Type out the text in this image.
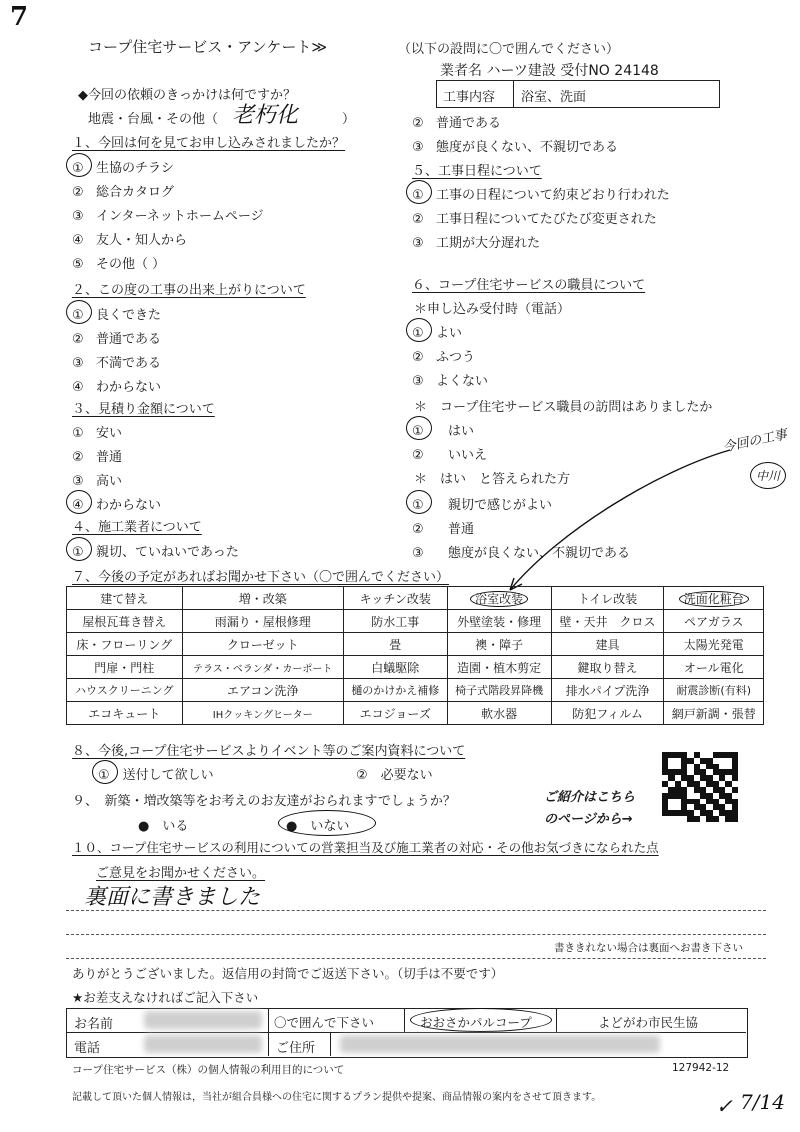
7
コープ住宅サービス・アンケート≫	（以下の設問に〇で囲んでください）
業者名 ハーツ建設 受付NO 24148
工事内容 浴室、洗面
◆今回の依頼のきっかけは何ですか？
地震・台風・その他（ 老朽化	）
１、今回は何を見てお申し込みされましたか？
① 生協のチラシ
② 総合カタログ
③ インターネットホームページ
④ 友人・知人から
⑤ その他（ ）
２、この度の工事の出来上がりについて
① 良くできた
② 普通である
③ 不満である
④ わからない
３、見積り金額について
① 安い
② 普通
③ 高い
④ わからない
４、施工業者について
① 親切、ていねいであった
② 普通である
③ 態度が良くない、不親切である
５、工事日程について
① 工事の日程について約束どおり行われた
② 工事日程についてたびたび変更された
③ 工期が大分遅れた
６、コープ住宅サービスの職員について
＊申し込み受付時（電話）
① よい
② ふつう
③ よくない
＊　コープ住宅サービス職員の訪問はありましたか
① はい
② いいえ
＊　はい　と答えられた方
① 親切で感じがよい
② 普通
③ 態度が良くない、不親切である
今回の工事
中川
７、今後の予定があればお聞かせ下さい（〇で囲んでください）
建て替え	増・改築	キッチン改装	浴室改装	トイレ改装	洗面化粧台
屋根瓦葺き替え	雨漏り・屋根修理	防水工事	外壁塗装・修理	壁・天井　クロス	ペアガラス
床・フローリング	クローゼット	畳	襖・障子	建具	太陽光発電
門扉・門柱	テラス・ベランダ・カーポート	白蟻駆除	造園・植木剪定	鍵取り替え	オール電化
ハウスクリーニング	エアコン洗浄	樋のかけかえ補修	椅子式階段昇降機	排水パイプ洗浄	耐震診断(有料)
エコキュート	IHクッキングヒーター	エコジョーズ	軟水器	防犯フィルム	網戸新調・張替
８、今後,コープ住宅サービスよりイベント等のご案内資料について
①　送付して欲しい	②　必要ない
９、　新築・増改築等をお考えのお友達がおられますでしょうか？
●　いる	●　いない
ご紹介はこちら
のページから→
１０、コープ住宅サービスの利用についての営業担当及び施工業者の対応・その他お気づきになられた点
ご意見をお聞かせください。
裏面に書きました
書ききれない場合は裏面へお書き下さい
ありがとうございました。返信用の封筒でご返送下さい。（切手は不要です）
★お差支えなければご記入下さい
お名前	〇で囲んで下さい	おおさかパルコープ	よどがわ市民生協
電話	ご住所
コープ住宅サービス（株）の個人情報の利用目的について	127942-12
記載して頂いた個人情報は，当社が組合員様への住宅に関するプラン提供や提案、商品情報の案内をさせて頂きます。	✓ 7/14
